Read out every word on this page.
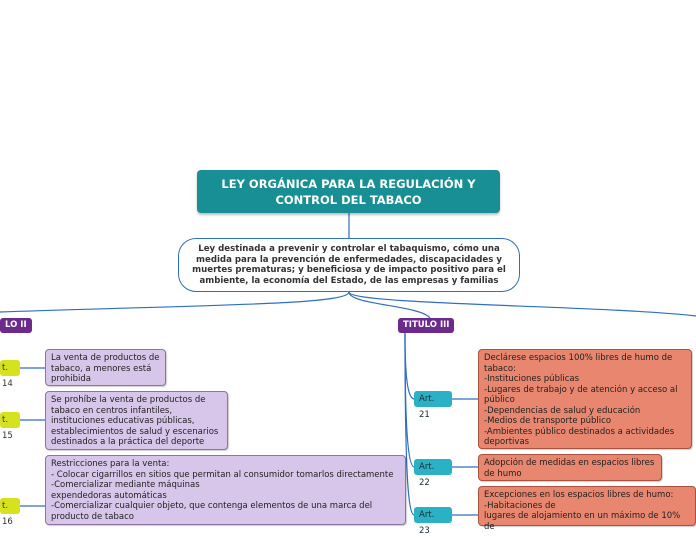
LEY ORGÁNICA PARA LA REGULACIÓN Y CONTROL DEL TABACO
Ley destinada a prevenir y controlar el tabaquismo, cómo una medida para la prevención de enfermedades, discapacidades y muertes prematuras; y beneficiosa y de impacto positivo para el ambiente, la economía del Estado, de las empresas y familias
LO II
t. 14
La venta de productos de tabaco, a menores está prohibida
t. 15
Se prohíbe la venta de productos de tabaco en centros infantiles, instituciones educativas públicas, establecimientos de salud y escenarios destinados a la práctica del deporte
t. 16
Restricciones para la venta:
- Colocar cigarrillos en sitios que permitan al consumidor tomarlos directamente
-Comercializar mediante máquinas
expendedoras automáticas
-Comercializar cualquier objeto, que contenga elementos de una marca del producto de tabaco
TITULO III
Art. 21
Declárese espacios 100% libres de humo de tabaco:
-Instituciones públicas
-Lugares de trabajo y de atención y acceso al público
-Dependencias de salud y educación
-Medios de transporte público
-Ambientes público destinados a actividades deportivas
Art. 22
Adopción de medidas en espacios libres de humo
Art. 23
Excepciones en los espacios libres de humo:
-Habitaciones de
lugares de alojamiento en un máximo de 10% de
